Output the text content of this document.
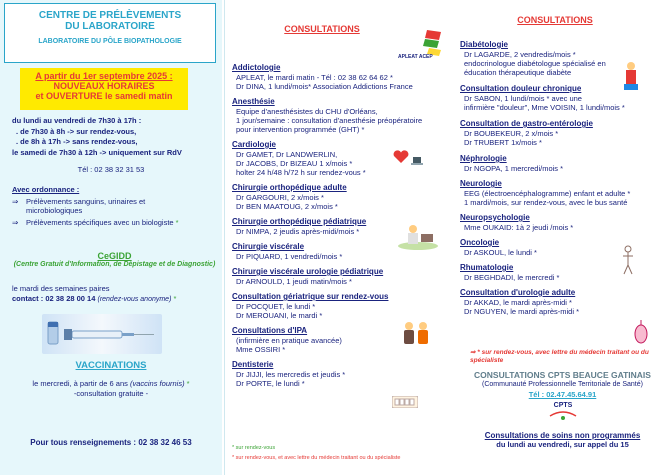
CENTRE DE PRÉLÈVEMENTS
DU LABORATOIRE
LABORATOIRE DU PÔLE BIOPATHOLOGIE
A partir du 1er septembre 2025 :
NOUVEAUX HORAIRES
et OUVERTURE le samedi matin
du lundi au vendredi de 7h30 à 17h :
. de 7h30 à 8h -> sur rendez-vous,
. de 8h à 17h -> sans rendez-vous,
le samedi de 7h30 à 12h -> uniquement sur RdV
Tél : 02 38 32 31 53
Avec ordonnance :
⇒	Prélèvements sanguins, urinaires et microbiologiques
⇒	Prélèvements spécifiques avec un biologiste *
CeGIDD
(Centre Gratuit d'Information, de Dépistage et de Diagnostic)
le mardi des semaines paires
contact : 02 38 28 00 14 (rendez-vous anonyme) *
VACCINATIONS
le mercredi, à partir de 6 ans (vaccins fournis) *
-consultation gratuite -
Pour tous renseignements : 02 38 32 46 53
CONSULTATIONS
APLEAT ACEP
Addictologie
APLEAT, le mardi matin - Tél : 02 38 62 64 62 *
Dr DINA, 1 lundi/mois* Association Addictions France
Anesthésie
Equipe d'anesthésistes du CHU d'Orléans,
1 jour/semaine : consultation d'anesthésie préopératoire
pour intervention programmée (GHT) *
Cardiologie
Dr GAMET, Dr LANDWERLIN,
Dr JACOBS, Dr BIZEAU 1 x/mois *
holter 24 h/48 h/72 h sur rendez-vous *
Chirurgie orthopédique adulte
Dr GARGOURI, 2 x/mois *
Dr BEN MAATOUG, 2 x/mois *
Chirurgie orthopédique pédiatrique
Dr NIMPA, 2 jeudis après-midi/mois *
Chirurgie viscérale
Dr PIQUARD, 1 vendredi/mois *
Chirurgie viscérale urologie pédiatrique
Dr ARNOULD, 1 jeudi matin/mois *
Consultation gériatrique sur rendez-vous
Dr POCQUET, le lundi *
Dr MEROUANI, le mardi *
Consultations d'IPA
(infirmière en pratique avancée)
Mme OSSIRI *
Dentisterie
Dr JIJJI, les mercredis et jeudis *
Dr PORTE, le lundi *
* sur rendez-vous
* sur rendez-vous, et avec lettre du médecin traitant ou du spécialiste
CONSULTATIONS
Diabétologie
Dr LAGARDE, 2 vendredis/mois *
endocrinologue diabétologue spécialisé en
éducation thérapeutique diabète
Consultation douleur chronique
Dr SABON, 1 lundi/mois * avec une
infirmière "douleur", Mme VOISIN, 1 lundi/mois *
Consultation de gastro-entérologie
Dr BOUBEKEUR, 2 x/mois *
Dr TRUBERT 1x/mois *
Néphrologie
Dr NGOPA, 1 mercredi/mois *
Neurologie
EEG (électroencéphalogramme) enfant et adulte *
1 mardi/mois, sur rendez-vous, avec le bus santé
Neuropsychologie
Mme OUKAID: 1à 2 jeudi /mois *
Oncologie
Dr ASKOUL, le lundi *
Rhumatologie
Dr BEGHDADI, le mercredi *
Consultation d'urologie adulte
Dr AKKAD, le mardi après-midi *
Dr NGUYEN, le mardi après-midi *
⇒ * sur rendez-vous, avec lettre du médecin traitant ou du spécialiste
CONSULTATIONS CPTS BEAUCE GATINAIS
(Communauté Professionnelle Territoriale de Santé)
Tél : 02.47.45.64.91
CPTS
Consultations de soins non programmés
du lundi au vendredi, sur appel du 15
